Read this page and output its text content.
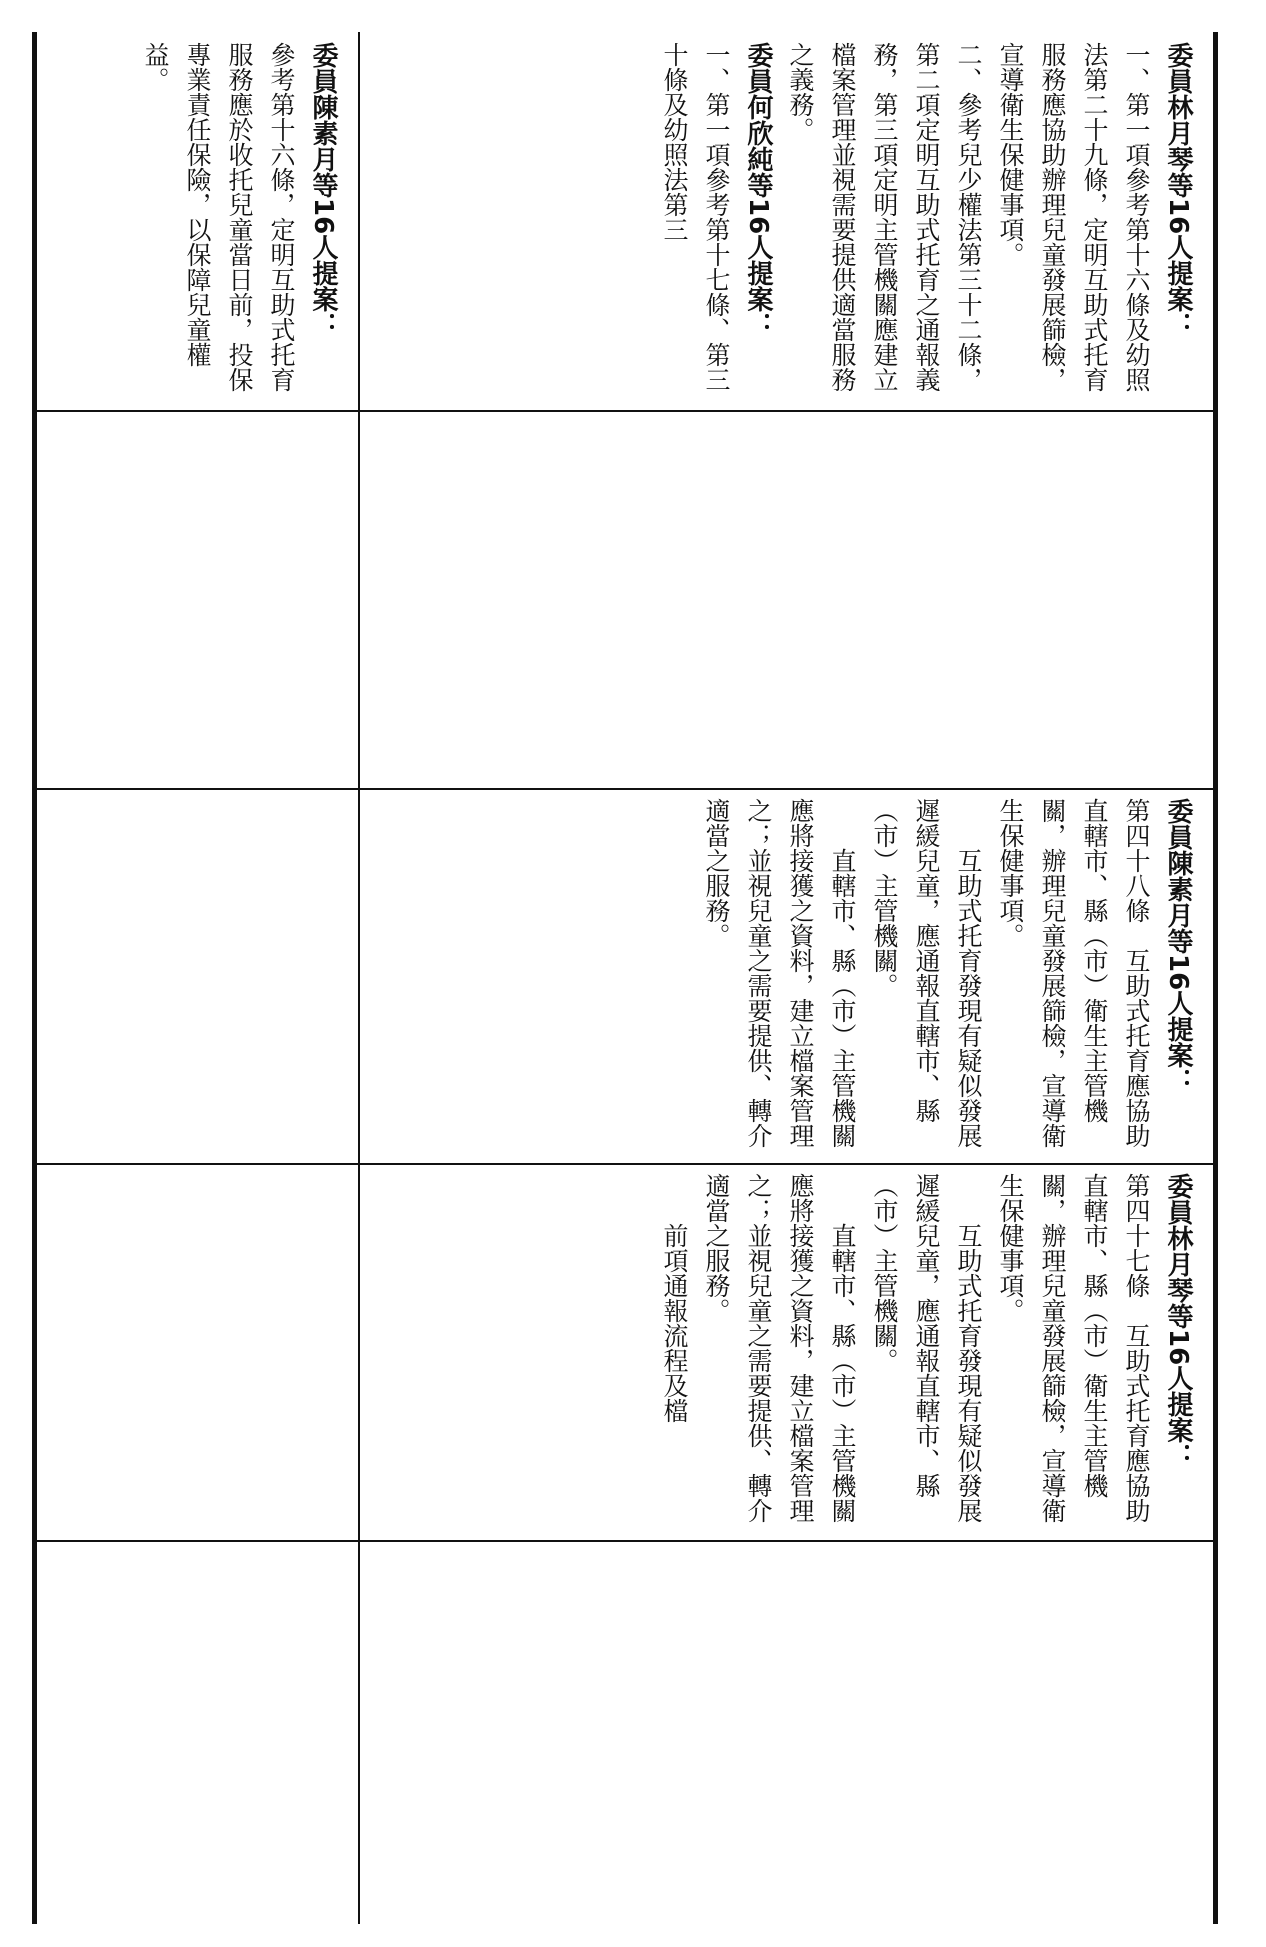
委員陳素月等16人提案：

參考第十六條，定明互助式托育服務應於收托兒童當日前，投保專業責任保險，以保障兒童權益。	委員林月琴等16人提案：

一、第一項參考第十六條及幼照法第二十九條，定明互助式托育服務應協助辦理兒童發展篩檢，宣導衛生保健事項。

二、參考兒少權法第三十二條，第二項定明互助式托育之通報義務，第三項定明主管機關應建立檔案管理並視需要提供適當服務之義務。

委員何欣純等16人提案：

一、第一項參考第十七條、第三十條及幼照法第三

委員陳素月等16人提案：

第四十八條　互助式托育應協助直轄市、縣（市）衛生主管機關，辦理兒童發展篩檢，宣導衛生保健事項。

互助式托育發現有疑似發展遲緩兒童，應通報直轄市、縣（市）主管機關。

直轄市、縣（市）主管機關應將接獲之資料，建立檔案管理之；並視兒童之需要提供、轉介適當之服務。

委員林月琴等16人提案：

第四十七條　互助式托育應協助直轄市、縣（市）衛生主管機關，辦理兒童發展篩檢，宣導衛生保健事項。

互助式托育發現有疑似發展遲緩兒童，應通報直轄市、縣（市）主管機關。

直轄市、縣（市）主管機關應將接獲之資料，建立檔案管理之；並視兒童之需要提供、轉介適當之服務。

前項通報流程及檔
